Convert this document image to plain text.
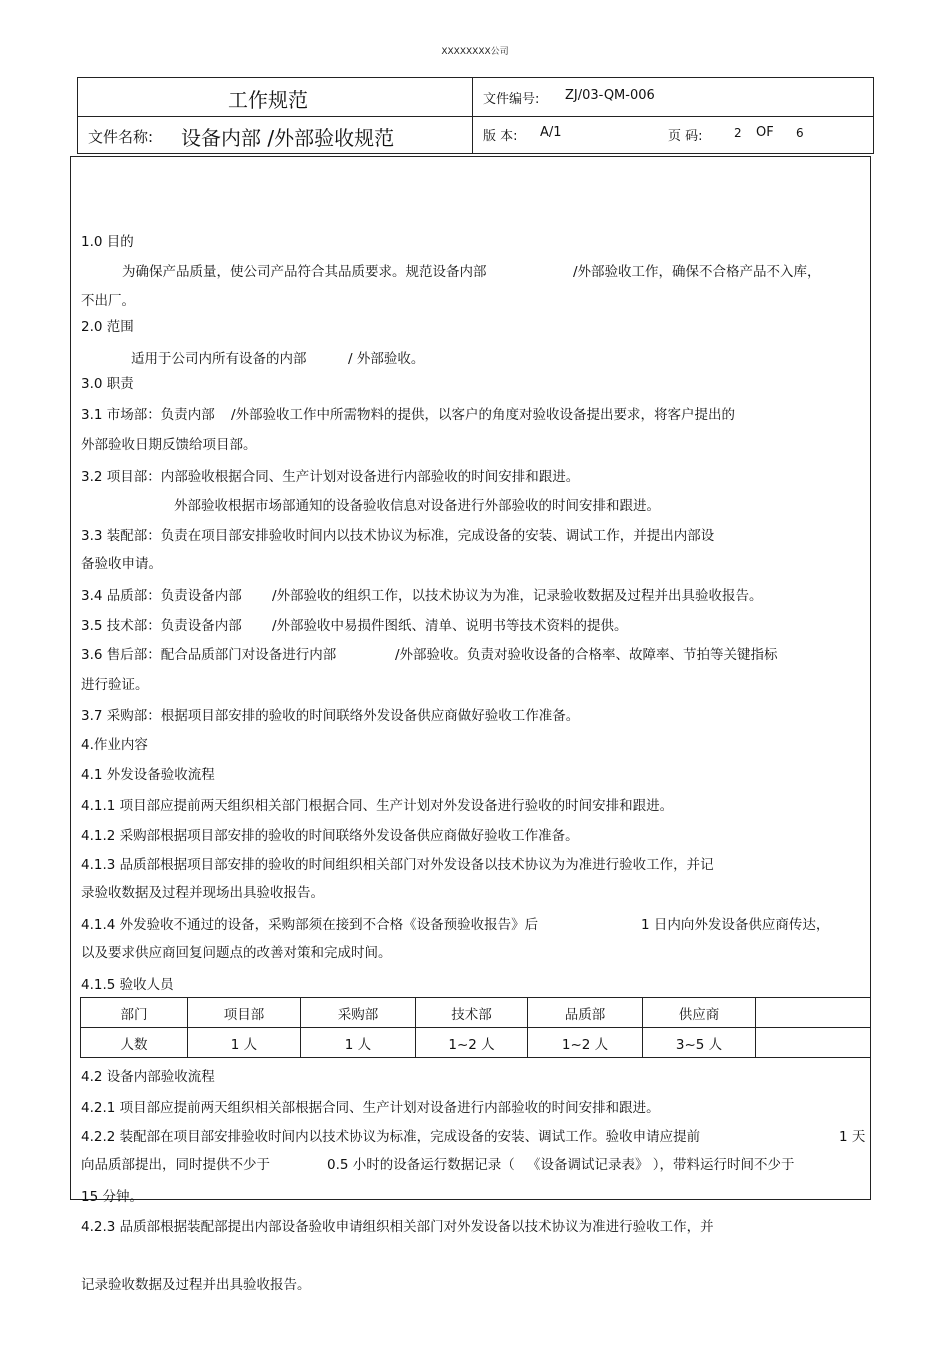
XXXXXXXX公司
工作规范	文件编号: ZJ/03-QM-006
文件名称: 设备内部 /外部验收规范	版 本: A/1	页 码:	2 OF 6
1.0 目的
为确保产品质量，使公司产品符合其品质要求。规范设备内部	/外部验收工作，确保不合格产品不入库，
不出厂。
2.0 范围
适用于公司内所有设备的内部	/ 外部验收。
3.0 职责
3.1 市场部：负责内部 /外部验收工作中所需物料的提供，以客户的角度对验收设备提出要求，将客户提出的
外部验收日期反馈给项目部。
3.2 项目部：内部验收根据合同、生产计划对设备进行内部验收的时间安排和跟进。
外部验收根据市场部通知的设备验收信息对设备进行外部验收的时间安排和跟进。
3.3 装配部：负责在项目部安排验收时间内以技术协议为标准，完成设备的安装、调试工作，并提出内部设
备验收申请。
3.4 品质部：负责设备内部 /外部验收的组织工作，以技术协议为为准，记录验收数据及过程并出具验收报告。
3.5 技术部：负责设备内部 /外部验收中易损件图纸、清单、说明书等技术资料的提供。
3.6 售后部：配合品质部门对设备进行内部	/外部验收。负责对验收设备的合格率、故障率、节拍等关键指标
进行验证。
3.7 采购部：根据项目部安排的验收的时间联络外发设备供应商做好验收工作准备。
4.作业内容
4.1 外发设备验收流程
4.1.1 项目部应提前两天组织相关部门根据合同、生产计划对外发设备进行验收的时间安排和跟进。
4.1.2 采购部根据项目部安排的验收的时间联络外发设备供应商做好验收工作准备。
4.1.3 品质部根据项目部安排的验收的时间组织相关部门对外发设备以技术协议为为准进行验收工作，并记
录验收数据及过程并现场出具验收报告。
4.1.4 外发验收不通过的设备，采购部须在接到不合格《设备预验收报告》后	1 日内向外发设备供应商传达，
以及要求供应商回复问题点的改善对策和完成时间。
4.1.5 验收人员
部门	项目部	采购部	技术部	品质部	供应商	
人数	1 人	1 人	1~2 人	1~2 人	3~5 人	
4.2 设备内部验收流程
4.2.1 项目部应提前两天组织相关部根据合同、生产计划对设备进行内部验收的时间安排和跟进。
4.2.2 装配部在项目部安排验收时间内以技术协议为标准，完成设备的安装、调试工作。验收申请应提前	1 天
向品质部提出，同时提供不少于	0.5 小时的设备运行数据记录（ 《设备调试记录表》 ），带料运行时间不少于
15 分钟。
4.2.3 品质部根据装配部提出内部设备验收申请组织相关部门对外发设备以技术协议为准进行验收工作，并
记录验收数据及过程并出具验收报告。
